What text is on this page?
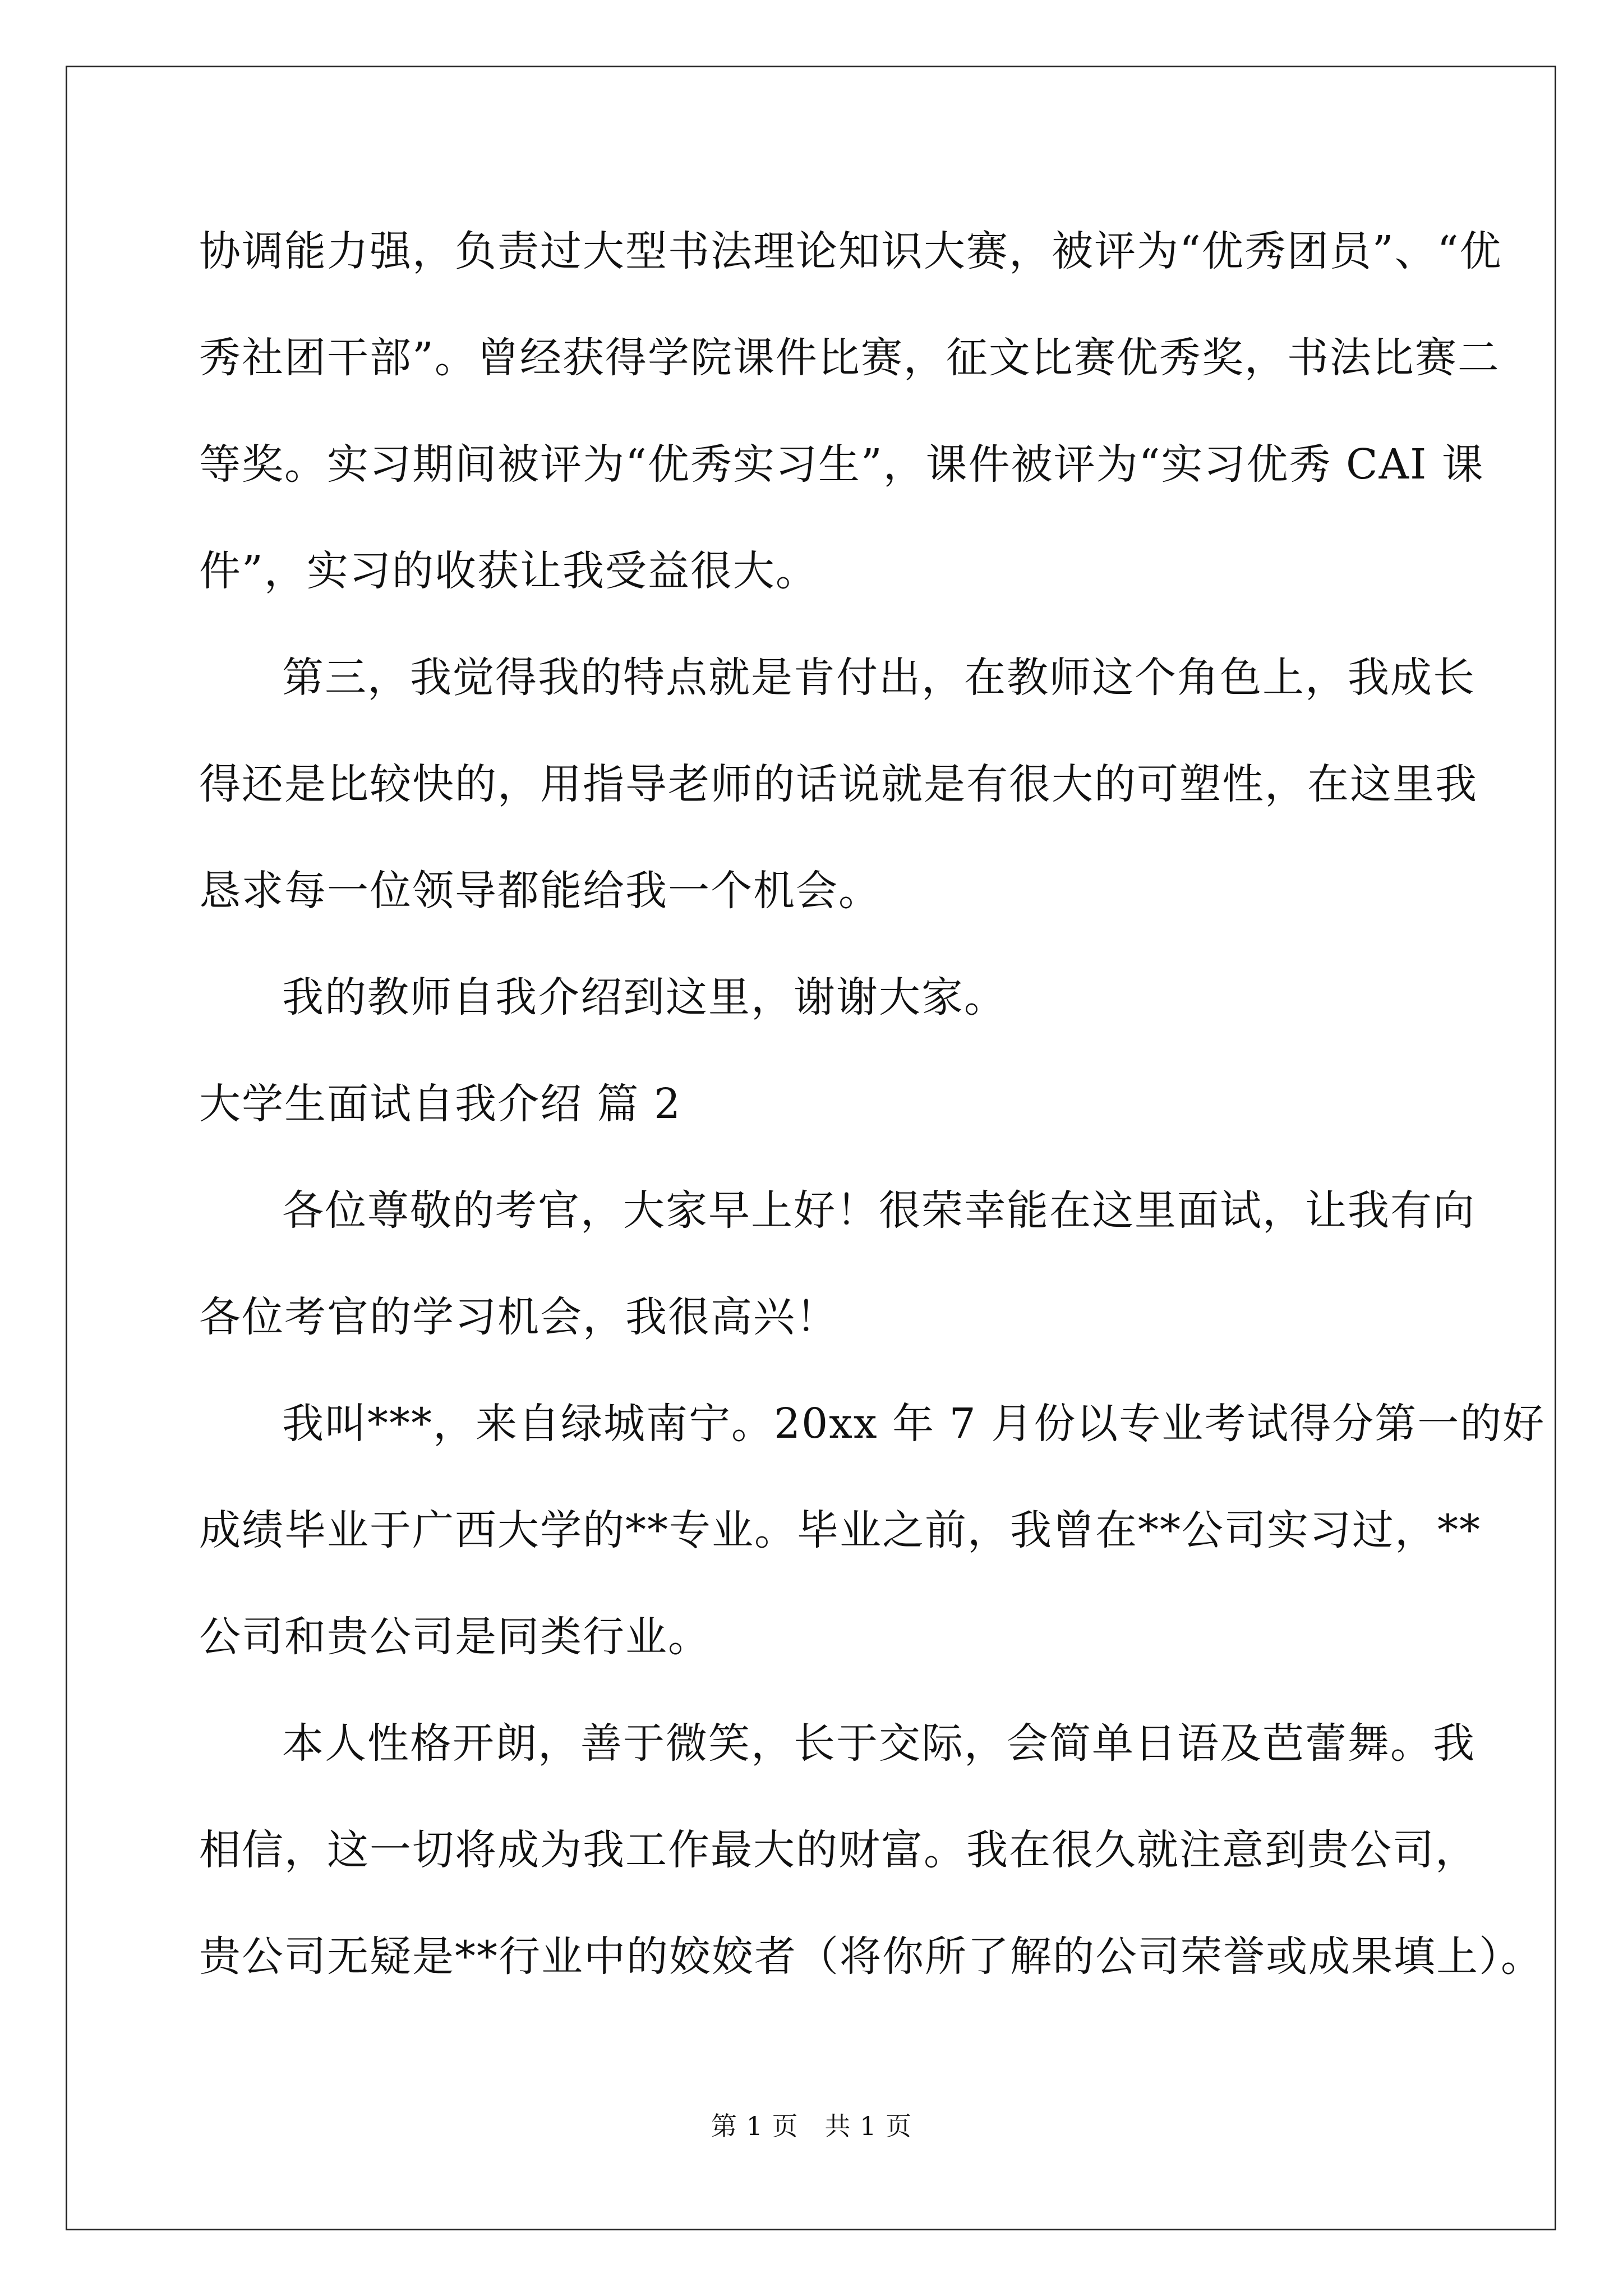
协调能力强，负责过大型书法理论知识大赛，被评为“优秀团员”、“优
秀社团干部”。曾经获得学院课件比赛，征文比赛优秀奖，书法比赛二
等奖。实习期间被评为“优秀实习生”，课件被评为“实习优秀 CAI 课
件”，实习的收获让我受益很大。
第三，我觉得我的特点就是肯付出，在教师这个角色上，我成长
得还是比较快的，用指导老师的话说就是有很大的可塑性，在这里我
恳求每一位领导都能给我一个机会。
我的教师自我介绍到这里，谢谢大家。
大学生面试自我介绍 篇 2
各位尊敬的考官，大家早上好！很荣幸能在这里面试，让我有向
各位考官的学习机会，我很高兴！
我叫***，来自绿城南宁。20xx 年 7 月份以专业考试得分第一的好
成绩毕业于广西大学的**专业。毕业之前，我曾在**公司实习过，**
公司和贵公司是同类行业。
本人性格开朗，善于微笑，长于交际，会简单日语及芭蕾舞。我
相信，这一切将成为我工作最大的财富。我在很久就注意到贵公司，
贵公司无疑是**行业中的姣姣者（将你所了解的公司荣誉或成果填上）。
第 1 页　共 1 页
